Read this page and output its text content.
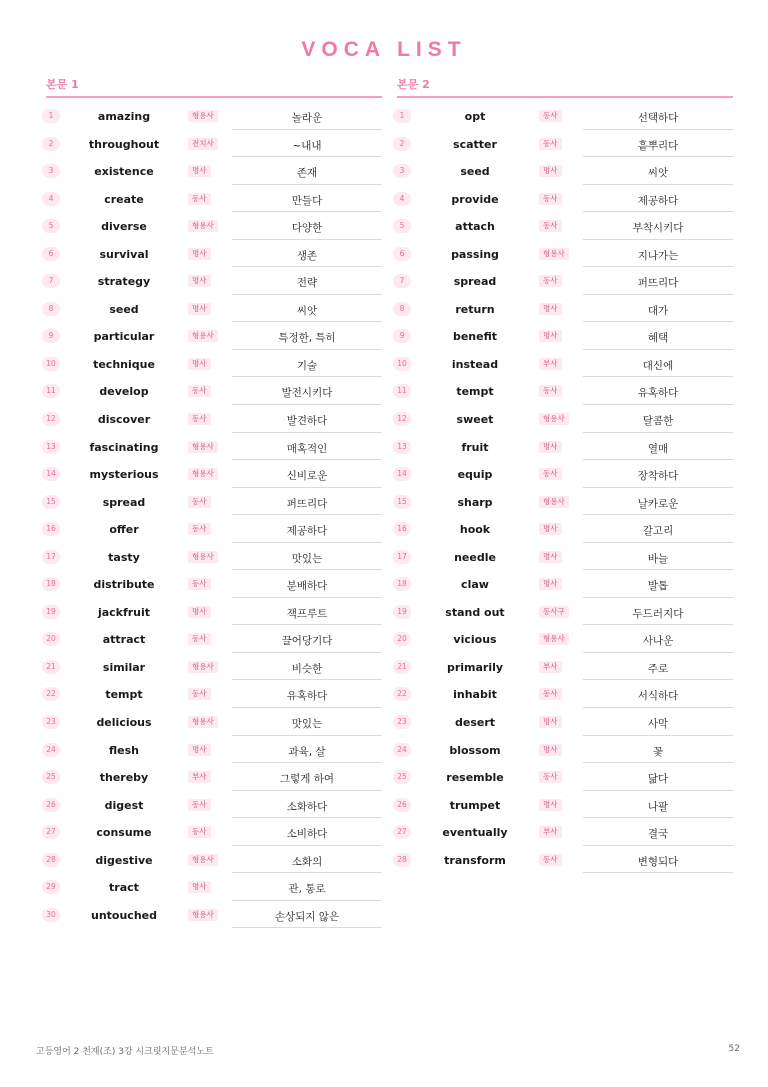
VOCA LIST
본문 1
1	amazing	형용사	놀라운
2	throughout	전치사	~내내
3	existence	명사	존재
4	create	동사	만들다
5	diverse	형용사	다양한
6	survival	명사	생존
7	strategy	명사	전략
8	seed	명사	씨앗
9	particular	형용사	특정한, 특히
10	technique	명사	기술
11	develop	동사	발전시키다
12	discover	동사	발견하다
13	fascinating	형용사	매혹적인
14	mysterious	형용사	신비로운
15	spread	동사	퍼뜨리다
16	offer	동사	제공하다
17	tasty	형용사	맛있는
18	distribute	동사	분배하다
19	jackfruit	명사	잭프루트
20	attract	동사	끌어당기다
21	similar	형용사	비슷한
22	tempt	동사	유혹하다
23	delicious	형용사	맛있는
24	flesh	명사	과육, 살
25	thereby	부사	그렇게 하여
26	digest	동사	소화하다
27	consume	동사	소비하다
28	digestive	형용사	소화의
29	tract	명사	관, 통로
30	untouched	형용사	손상되지 않은
본문 2
1	opt	동사	선택하다
2	scatter	동사	흩뿌리다
3	seed	명사	씨앗
4	provide	동사	제공하다
5	attach	동사	부착시키다
6	passing	형용사	지나가는
7	spread	동사	퍼뜨리다
8	return	명사	대가
9	benefit	명사	혜택
10	instead	부사	대신에
11	tempt	동사	유혹하다
12	sweet	형용사	달콤한
13	fruit	명사	열매
14	equip	동사	장착하다
15	sharp	형용사	날카로운
16	hook	명사	갈고리
17	needle	명사	바늘
18	claw	명사	발톱
19	stand out	동사구	두드러지다
20	vicious	형용사	사나운
21	primarily	부사	주로
22	inhabit	동사	서식하다
23	desert	명사	사막
24	blossom	명사	꽃
25	resemble	동사	닮다
26	trumpet	명사	나팔
27	eventually	부사	결국
28	transform	동사	변형되다
고등영어 2 천재(조) 3강 시크릿지문분석노트	52
